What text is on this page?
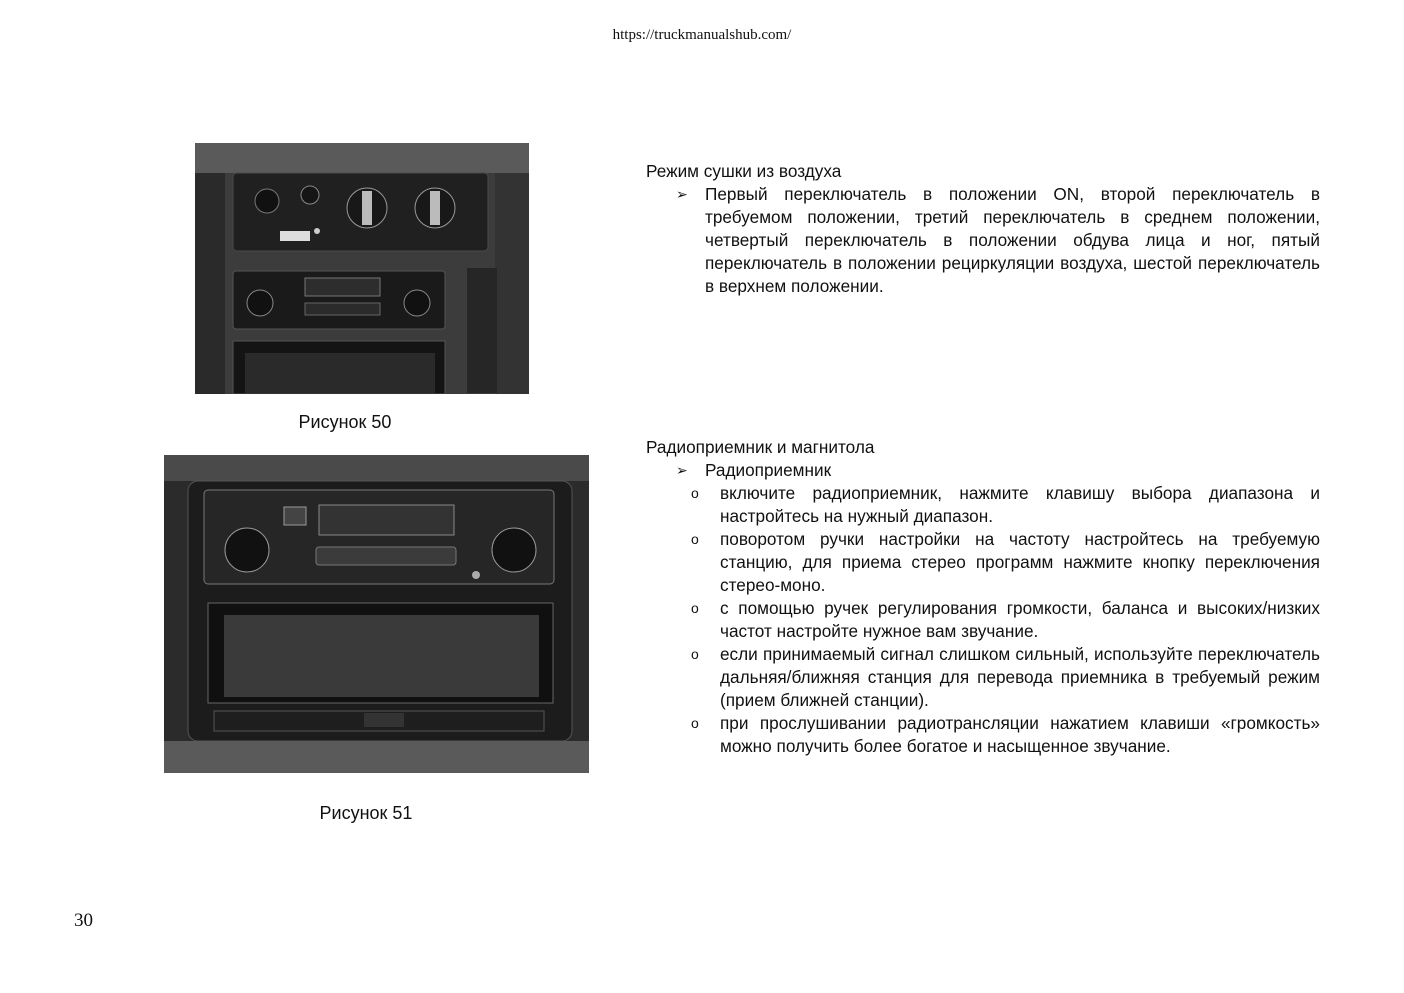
https://truckmanualshub.com/
Рисунок 50
Рисунок 51
Режим сушки из воздуха
➢ Первый переключатель в положении ON, второй переключатель в требуемом положении, третий переключатель в среднем положении, четвертый переключатель в положении обдува лица и ног, пятый переключатель в положении рециркуляции воздуха, шестой переключатель в верхнем положении.
Радиоприемник и магнитола
➢ Радиоприемник
o включите радиоприемник, нажмите клавишу выбора диапазона и настройтесь на нужный диапазон.
o поворотом ручки настройки на частоту настройтесь на требуемую станцию, для приема стерео программ нажмите кнопку переключения стерео-моно.
o с помощью ручек регулирования громкости, баланса и высоких/низких частот настройте нужное вам звучание.
o если принимаемый сигнал слишком сильный, используйте переключатель дальняя/ближняя станция для перевода приемника в требуемый режим (прием ближней станции).
o при прослушивании радиотрансляции нажатием клавиши «громкость» можно получить более богатое и насыщенное звучание.
30
